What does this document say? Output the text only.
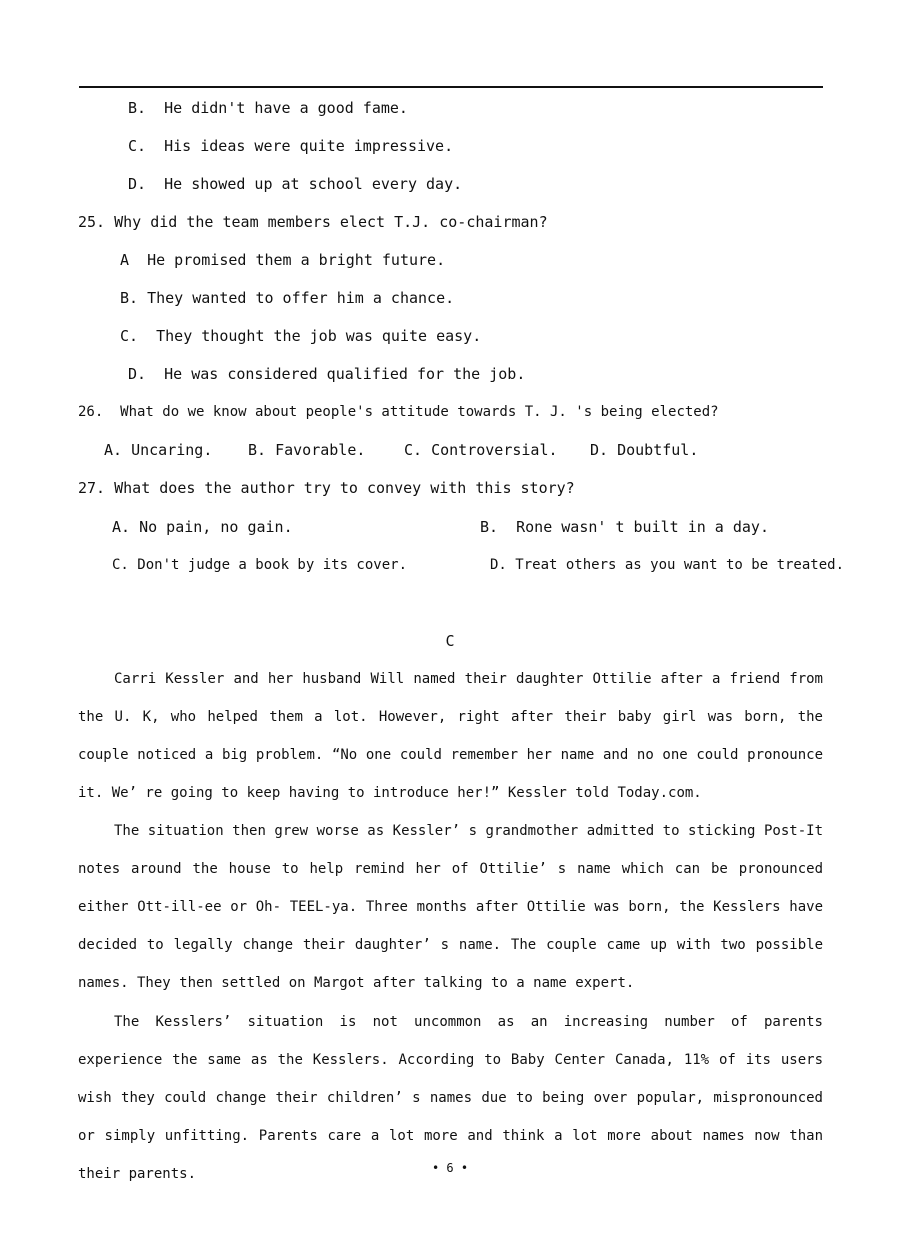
B.  He didn't have a good fame.
C.  His ideas were quite impressive.
D.  He showed up at school every day.
25. Why did the team members elect T.J. co-chairman?
A  He promised them a bright future.
B. They wanted to offer him a chance.
C.  They thought the job was quite easy.
D.  He was considered qualified for the job.
26.  What do we know about people's attitude towards T. J. 's being elected?
A. Uncaring. B. Favorable.	C. Controversial. D. Doubtful.
27. What does the author try to convey with this story?
A. No pain, no gain.	B.  Rone wasn' t built in a day.
C. Don't judge a book by its cover.	D. Treat others as you want to be treated.
C
Carri Kessler and her husband Will named their daughter Ottilie after a friend from the U. K, who helped them a lot. However, right after their baby girl was born, the couple noticed a big problem. “No one could remember her name and no one could pronounce it. We’ re going to keep having to introduce her!” Kessler told Today.com.
The situation then grew worse as Kessler’ s grandmother admitted to sticking Post-It notes around the house to help remind her of Ottilie’ s name which can be pronounced either Ott-ill-ee or Oh- TEEL-ya. Three months after Ottilie was born, the Kesslers have decided to legally change their daughter’ s name. The couple came up with two possible names. They then settled on Margot after talking to a name expert.
The Kesslers’ situation is not uncommon as an increasing number of parents experience the same as the Kesslers. According to Baby Center Canada, 11% of its users wish they could change their children’ s names due to being over popular, mispronounced or simply unfitting. Parents care a lot more and think a lot more about names now than their parents.	• 6 •
